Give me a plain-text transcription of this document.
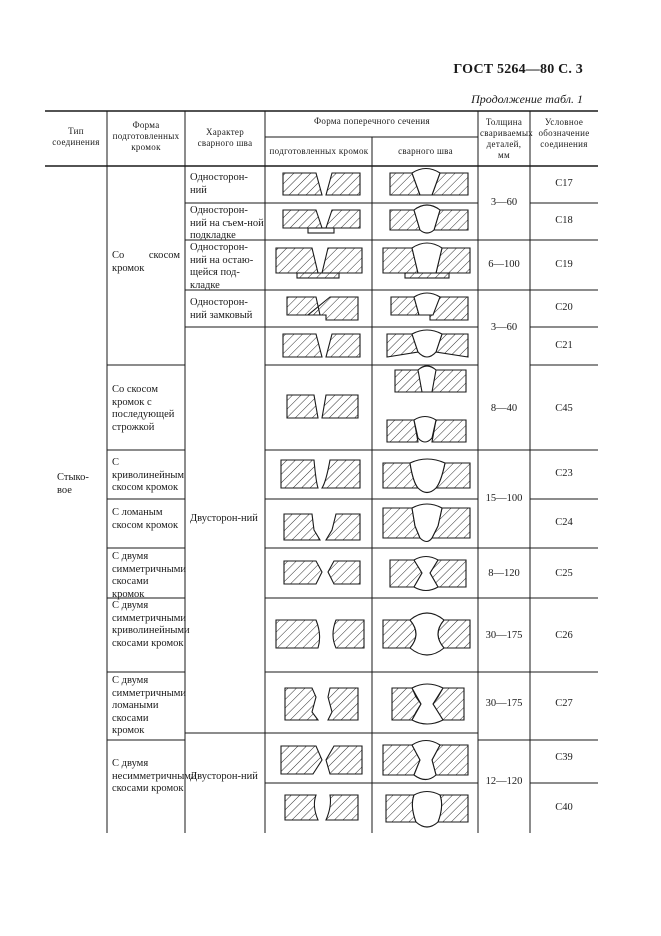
ГОСТ 5264—80 С. 3
Продолжение табл. 1
Тип соединения
Форма подготовленных кромок
Характер сварного шва
Форма поперечного сечения
подготовленных кромок	сварного шва
Толщина свариваемых деталей, мм
Условное обозначение соединения
Стыко-вое
Со скосом кромок
Со скосом кромок с последующей строжкой
С криволинейным скосом кромок
С ломаным скосом кромок
С двумя симметричными скосами кромок
С двумя симметричными криволинейными скосами кромок
С двумя симметричными ломаными скосами кромок
С двумя несимметричными скосами кромок
Односторон-ний
Односторон-ний на съем-ной подкладке
Односторон-ний на остаю-щейся под-кладке
Односторон-ний замковый
Двусторон-ний
Двусторон-ний
3—60
6—100
3—60
8—40
15—100
8—120
30—175
30—175
12—120
С17
С18
С19
С20
С21
С45
С23
С24
С25
С26
С27
С39
С40
